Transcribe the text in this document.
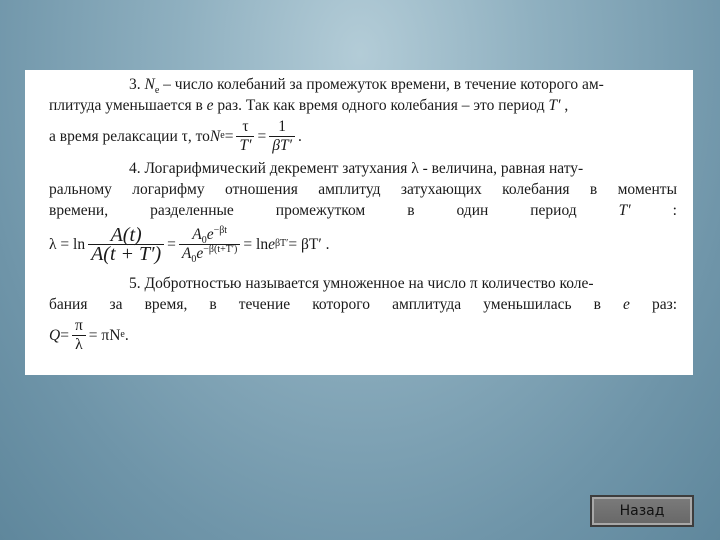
3. $N_e$ – число колебаний за промежуток времени, в течение которого ам-

плитуда уменьшается в e раз. Так как время одного колебания – это период T′ ,

а время релаксации τ, то N $e = \frac{\tau}{T'} = \frac{1}{\beta T'}$ .

4. Логарифмический декремент затухания λ - величина, равная нату-

ральному логарифму отношения амплитуд затухающих колебания в моменты

времени,	разделенные	промежутком	в	один	период	T′	:
$\lambda = \ln \frac{A(t)}{A(t + T')} = \frac{A_0e^{-\beta t}}{A_0e^{-\beta(t+T')}} = \ln e$ βT′ = βT′ .

5. Добротностью называется умноженное на число π количество коле-

бания за время, в течение которого амплитуда уменьшилась в e раз:
$Q = \frac{\pi}{\lambda} = \pi N$ e .
Назад
